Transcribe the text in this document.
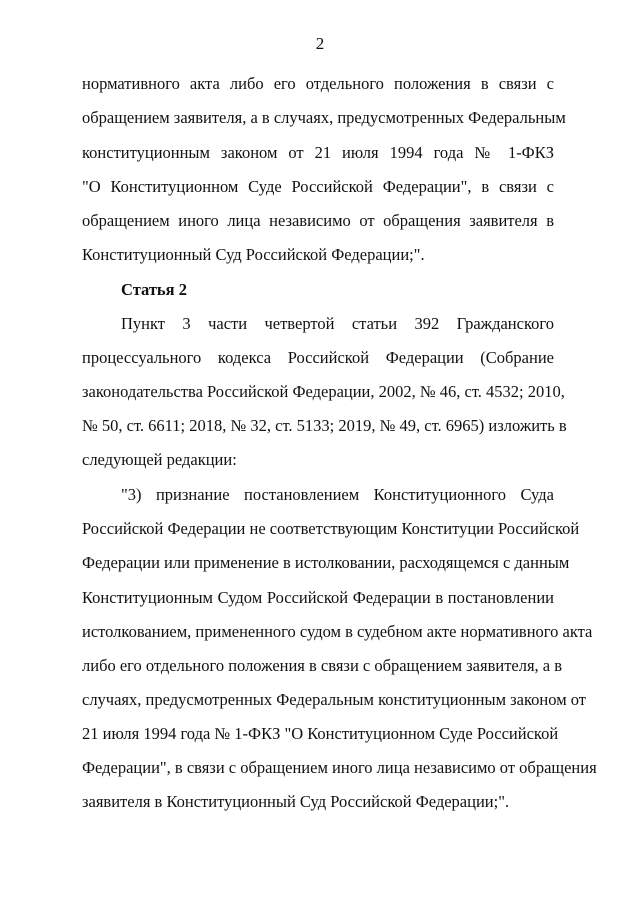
2
нормативного акта либо его отдельного положения в связи с
обращением заявителя, а в случаях, предусмотренных Федеральным
конституционным законом от 21 июля 1994 года № 1-ФКЗ
"О Конституционном Суде Российской Федерации", в связи с
обращением иного лица независимо от обращения заявителя в
Конституционный Суд Российской Федерации;".
Статья 2
Пункт 3 части четвертой статьи 392 Гражданского
процессуального кодекса Российской Федерации (Собрание
законодательства Российской Федерации, 2002, № 46, ст. 4532; 2010,
№ 50, ст. 6611; 2018, № 32, ст. 5133; 2019, № 49, ст. 6965) изложить в
следующей редакции:
"3) признание постановлением Конституционного Суда
Российской Федерации не соответствующим Конституции Российской
Федерации или применение в истолковании, расходящемся с данным
Конституционным Судом Российской Федерации в постановлении
истолкованием, примененного судом в судебном акте нормативного акта
либо его отдельного положения в связи с обращением заявителя, а в
случаях, предусмотренных Федеральным конституционным законом от
21 июля 1994 года № 1-ФКЗ "О Конституционном Суде Российской
Федерации", в связи с обращением иного лица независимо от обращения
заявителя в Конституционный Суд Российской Федерации;".
